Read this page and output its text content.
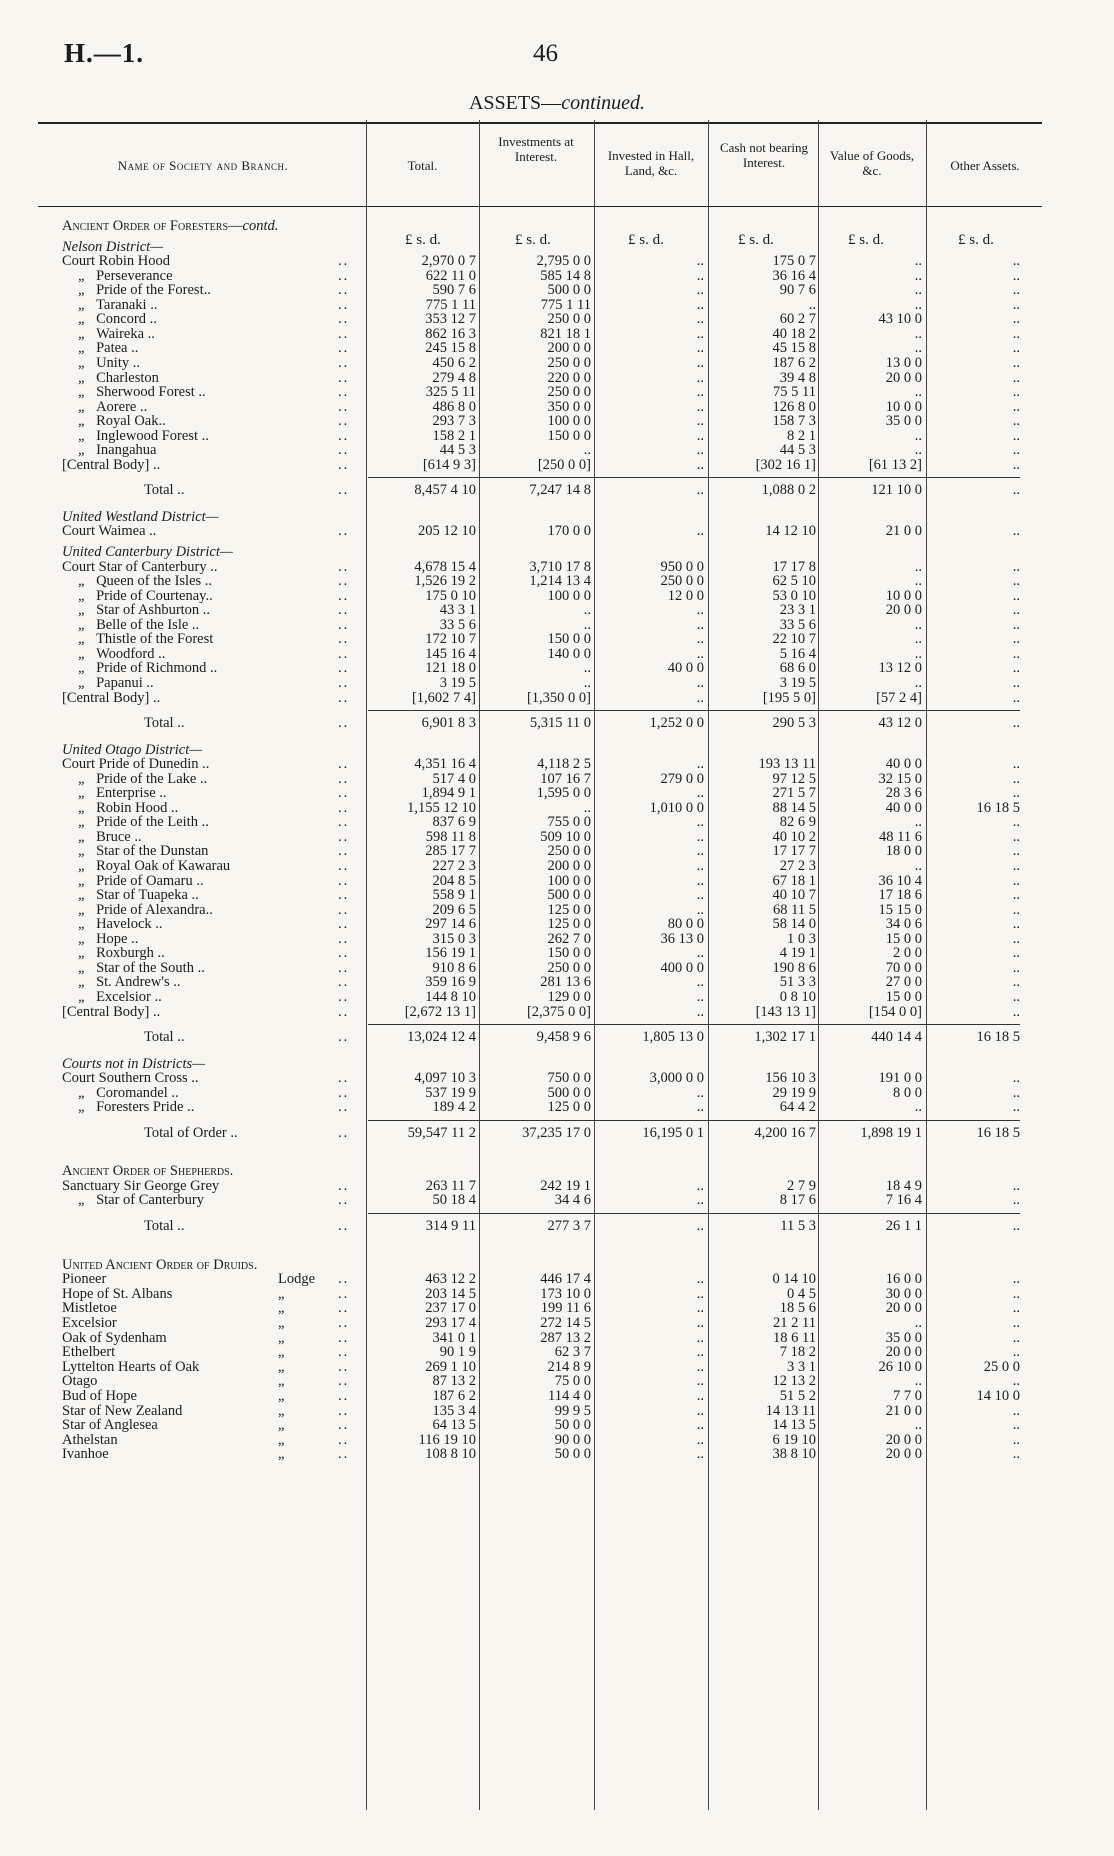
H.—1.	46
ASSETS—continued.
Name of Society and Branch.	Total.
Investments at Interest.	Invested in Hall, Land, &c.
Cash not bearing Interest.	Value of Goods, &c.	Other Assets.
£ s. d.	£ s. d.	£ s. d.	£ s. d.	£ s. d.	£ s. d.
Ancient Order of Foresters—contd.
Nelson District—
Court Robin Hood	..	2,970 0 7	2,795 0 0	..	175 0 7	..	..
„ Perseverance	..	622 11 0	585 14 8	..	36 16 4	..	..
„ Pride of the Forest..	..	590 7 6	500 0 0	..	90 7 6	..	..
„ Taranaki ..	..	775 1 11	775 1 11	..	..	..	..
„ Concord ..	..	353 12 7	250 0 0	..	60 2 7	43 10 0	..
„ Waireka ..	..	862 16 3	821 18 1	..	40 18 2	..	..
„ Patea ..	..	245 15 8	200 0 0	..	45 15 8	..	..
„ Unity ..	..	450 6 2	250 0 0	..	187 6 2	13 0 0	..
„ Charleston	..	279 4 8	220 0 0	..	39 4 8	20 0 0	..
„ Sherwood Forest ..	..	325 5 11	250 0 0	..	75 5 11	..	..
„ Aorere ..	..	486 8 0	350 0 0	..	126 8 0	10 0 0	..
„ Royal Oak..	..	293 7 3	100 0 0	..	158 7 3	35 0 0	..
„ Inglewood Forest ..	..	158 2 1	150 0 0	..	8 2 1	..	..
„ Inangahua	..	44 5 3	..	..	44 5 3	..	..
[Central Body] ..	..	[614 9 3]	[250 0 0]	..	[302 16 1]	[61 13 2]	..
Total ..	..	8,457 4 10	7,247 14 8	..	1,088 0 2	121 10 0	..
United Westland District—
Court Waimea ..	..	205 12 10	170 0 0	..	14 12 10	21 0 0	..
United Canterbury District—
Court Star of Canterbury ..	..	4,678 15 4	3,710 17 8	950 0 0	17 17 8	..	..
„ Queen of the Isles ..	..	1,526 19 2	1,214 13 4	250 0 0	62 5 10	..	..
„ Pride of Courtenay..	..	175 0 10	100 0 0	12 0 0	53 0 10	10 0 0	..
„ Star of Ashburton ..	..	43 3 1	..	..	23 3 1	20 0 0	..
„ Belle of the Isle ..	..	33 5 6	..	..	33 5 6	..	..
„ Thistle of the Forest	..	172 10 7	150 0 0	..	22 10 7	..	..
„ Woodford ..	..	145 16 4	140 0 0	..	5 16 4	..	..
„ Pride of Richmond ..	..	121 18 0	..	40 0 0	68 6 0	13 12 0	..
„ Papanui ..	..	3 19 5	..	..	3 19 5	..	..
[Central Body] ..	..	[1,602 7 4]	[1,350 0 0]	..	[195 5 0]	[57 2 4]	..
Total ..	..	6,901 8 3	5,315 11 0	1,252 0 0	290 5 3	43 12 0	..
United Otago District—
Court Pride of Dunedin ..	..	4,351 16 4	4,118 2 5	..	193 13 11	40 0 0	..
„ Pride of the Lake ..	..	517 4 0	107 16 7	279 0 0	97 12 5	32 15 0	..
„ Enterprise ..	..	1,894 9 1	1,595 0 0	..	271 5 7	28 3 6	..
„ Robin Hood ..	..	1,155 12 10	..	1,010 0 0	88 14 5	40 0 0	16 18 5
„ Pride of the Leith ..	..	837 6 9	755 0 0	..	82 6 9	..	..
„ Bruce ..	..	598 11 8	509 10 0	..	40 10 2	48 11 6	..
„ Star of the Dunstan	..	285 17 7	250 0 0	..	17 17 7	18 0 0	..
„ Royal Oak of Kawarau	..	227 2 3	200 0 0	..	27 2 3	..	..
„ Pride of Oamaru ..	..	204 8 5	100 0 0	..	67 18 1	36 10 4	..
„ Star of Tuapeka ..	..	558 9 1	500 0 0	..	40 10 7	17 18 6	..
„ Pride of Alexandra..	..	209 6 5	125 0 0	..	68 11 5	15 15 0	..
„ Havelock ..	..	297 14 6	125 0 0	80 0 0	58 14 0	34 0 6	..
„ Hope ..	..	315 0 3	262 7 0	36 13 0	1 0 3	15 0 0	..
„ Roxburgh ..	..	156 19 1	150 0 0	..	4 19 1	2 0 0	..
„ Star of the South ..	..	910 8 6	250 0 0	400 0 0	190 8 6	70 0 0	..
„ St. Andrew's ..	..	359 16 9	281 13 6	..	51 3 3	27 0 0	..
„ Excelsior ..	..	144 8 10	129 0 0	..	0 8 10	15 0 0	..
[Central Body] ..	..	[2,672 13 1]	[2,375 0 0]	..	[143 13 1]	[154 0 0]	..
Total ..	..	13,024 12 4	9,458 9 6	1,805 13 0	1,302 17 1	440 14 4	16 18 5
Courts not in Districts—
Court Southern Cross ..	..	4,097 10 3	750 0 0	3,000 0 0	156 10 3	191 0 0	..
„ Coromandel ..	..	537 19 9	500 0 0	..	29 19 9	8 0 0	..
„ Foresters Pride ..	..	189 4 2	125 0 0	..	64 4 2	..	..
Total of Order ..	..	59,547 11 2	37,235 17 0	16,195 0 1	4,200 16 7	1,898 19 1	16 18 5
Ancient Order of Shepherds.
Sanctuary Sir George Grey	..	263 11 7	242 19 1	..	2 7 9	18 4 9	..
„ Star of Canterbury	..	50 18 4	34 4 6	..	8 17 6	7 16 4	..
Total ..	..	314 9 11	277 3 7	..	11 5 3	26 1 1	..
United Ancient Order of Druids.
Pioneer	Lodge ..	463 12 2	446 17 4	..	0 14 10	16 0 0	..
Hope of St. Albans	„	..	203 14 5	173 10 0	..	0 4 5	30 0 0	..
Mistletoe	„	..	237 17 0	199 11 6	..	18 5 6	20 0 0	..
Excelsior	„	..	293 17 4	272 14 5	..	21 2 11	..	..
Oak of Sydenham	„	..	341 0 1	287 13 2	..	18 6 11	35 0 0	..
Ethelbert	„	..	90 1 9	62 3 7	..	7 18 2	20 0 0	..
Lyttelton Hearts of Oak	„	..	269 1 10	214 8 9	..	3 3 1	26 10 0	25 0 0
Otago	„	..	87 13 2	75 0 0	..	12 13 2	..	..
Bud of Hope	„	..	187 6 2	114 4 0	..	51 5 2	7 7 0	14 10 0
Star of New Zealand	„	..	135 3 4	99 9 5	..	14 13 11	21 0 0	..
Star of Anglesea	„	..	64 13 5	50 0 0	..	14 13 5	..	..
Athelstan	„	..	116 19 10	90 0 0	..	6 19 10	20 0 0	..
Ivanhoe	„	..	108 8 10	50 0 0	..	38 8 10	20 0 0	..
